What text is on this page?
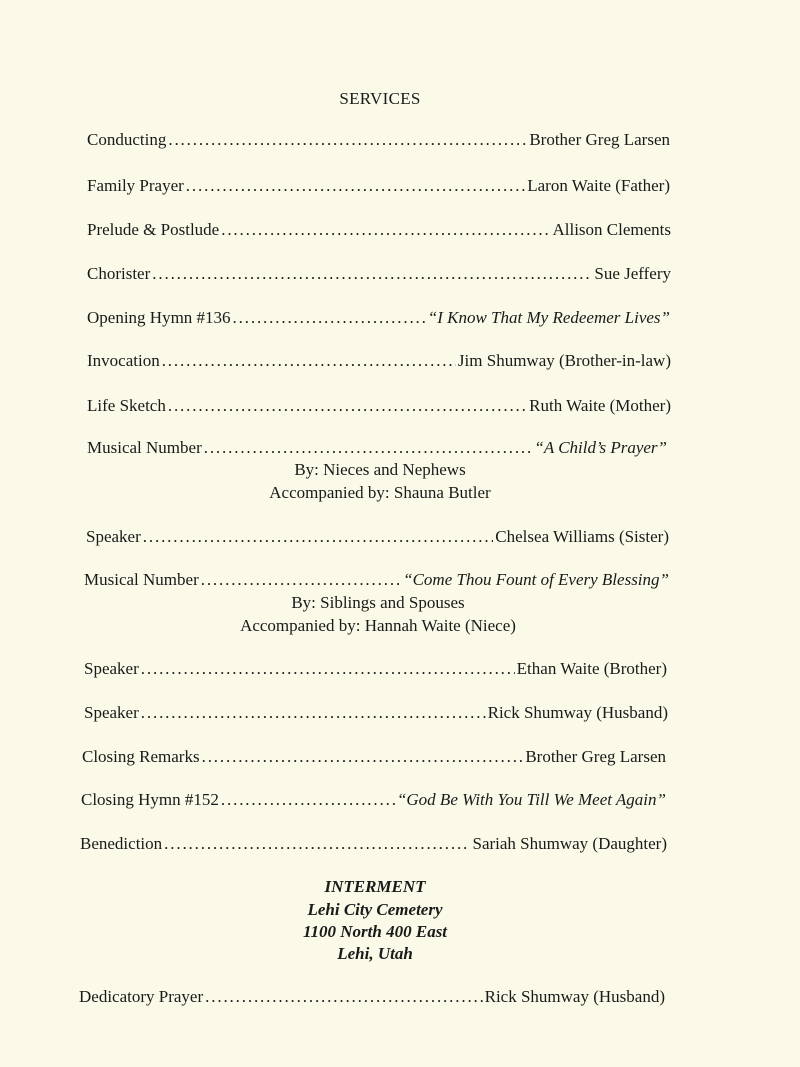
SERVICES
Conducting . . .	Brother Greg Larsen
Family Prayer . . .	Laron Waite (Father)
Prelude & Postlude . . .	Allison Clements
Chorister . . .	Sue Jeffery
Opening Hymn #136 . . .	“I Know That My Redeemer Lives”
Invocation . . .	Jim Shumway (Brother-in-law)
Life Sketch . . .	Ruth Waite (Mother)
Musical Number . . .	“A Child’s Prayer”
By: Nieces and Nephews
Accompanied by: Shauna Butler
Speaker . . .	Chelsea Williams (Sister)
Musical Number . . .	“Come Thou Fount of Every Blessing”
By: Siblings and Spouses
Accompanied by: Hannah Waite (Niece)
Speaker . . .	Ethan Waite (Brother)
Speaker . . .	Rick Shumway (Husband)
Closing Remarks . . .	Brother Greg Larsen
Closing Hymn #152 . . .	“God Be With You Till We Meet Again”
Benediction . . .	Sariah Shumway (Daughter)
INTERMENT
Lehi City Cemetery
1100 North 400 East
Lehi, Utah
Dedicatory Prayer . . .	Rick Shumway (Husband)
